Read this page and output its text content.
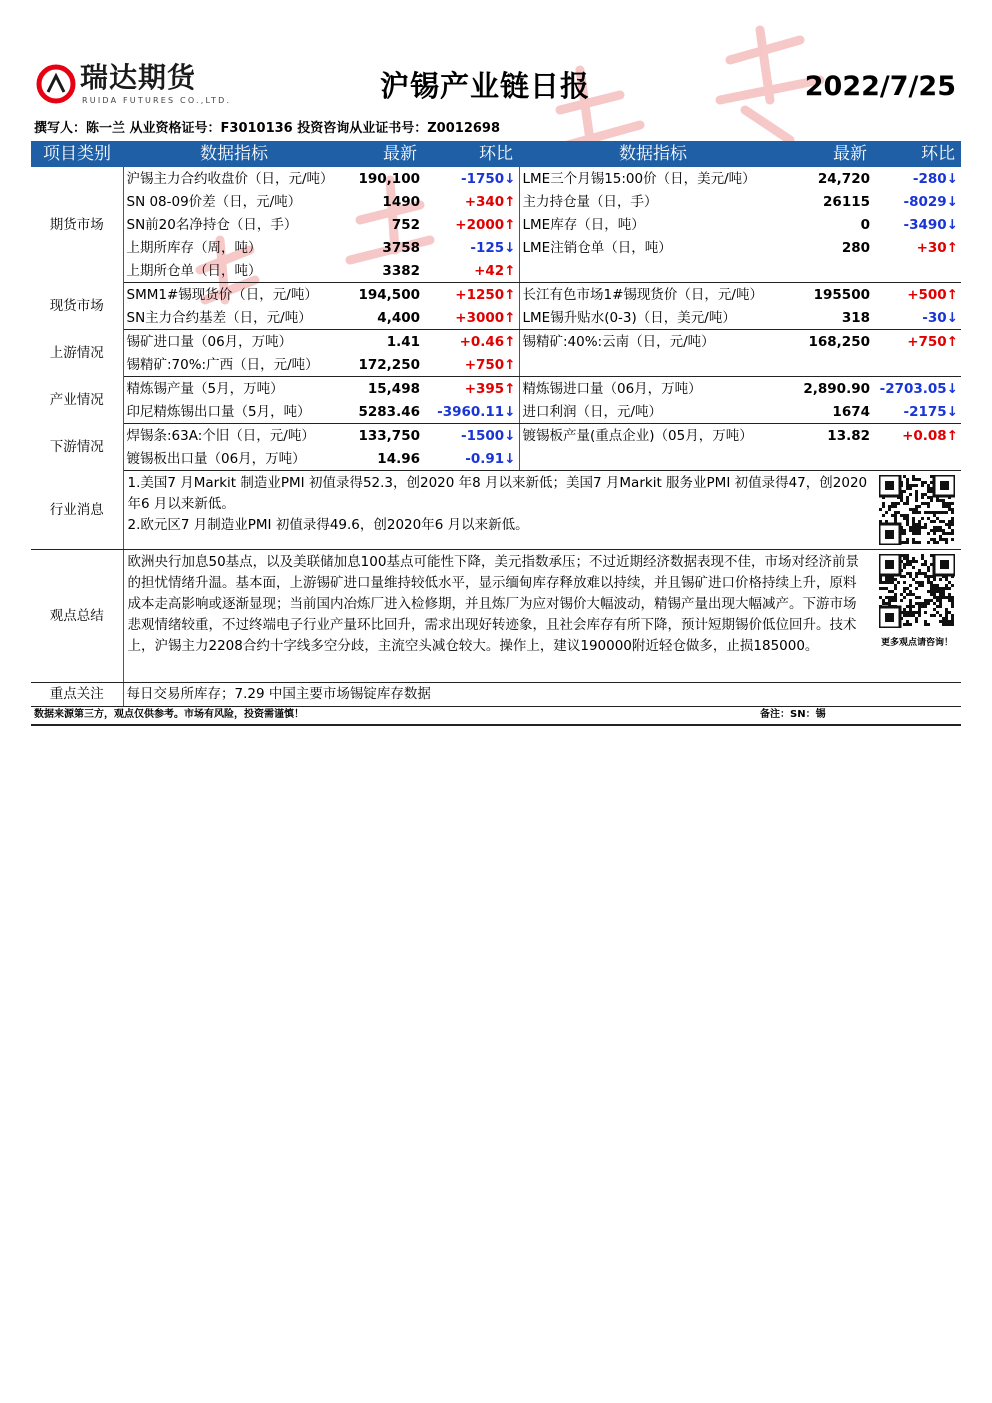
瑞达期货
RUIDA FUTURES CO.,LTD.	沪锡产业链日报	2022/7/25
撰写人：陈一兰 从业资格证号：F3010136 投资咨询从业证书号：Z0012698
项目类别	数据指标	最新	环比	数据指标	最新	环比
期货市场	沪锡主力合约收盘价（日，元/吨）	190,100	-1750↓	LME三个月锡15:00价（日，美元/吨）	24,720	-280↓
	SN 08-09价差（日，元/吨）	1490	+340↑	主力持仓量（日，手）	26115	-8029↓
	SN前20名净持仓（日，手）	752	+2000↑	LME库存（日，吨）	0	-3490↓
	上期所库存（周，吨）	3758	-125↓	LME注销仓单（日，吨）	280	+30↑
	上期所仓单（日，吨）	3382	+42↑			
现货市场	SMM1#锡现货价（日，元/吨）	194,500	+1250↑	长江有色市场1#锡现货价（日，元/吨）	195500	+500↑
	SN主力合约基差（日，元/吨）	4,400	+3000↑	LME锡升贴水(0-3)（日，美元/吨）	318	-30↓
上游情况	锡矿进口量（06月，万吨）	1.41	+0.46↑	锡精矿:40%:云南（日，元/吨）	168,250	+750↑
	锡精矿:70%:广西（日，元/吨）	172,250	+750↑			
产业情况	精炼锡产量（5月，万吨）	15,498	+395↑	精炼锡进口量（06月，万吨）	2,890.90	-2703.05↓
	印尼精炼锡出口量（5月，吨）	5283.46	-3960.11↓	进口利润（日，元/吨）	1674	-2175↓
下游情况	焊锡条:63A:个旧（日，元/吨）	133,750	-1500↓	镀锡板产量(重点企业)（05月，万吨）	13.82	+0.08↑
	镀锡板出口量（06月，万吨）	14.96	-0.91↓			
行业消息	1.美国7 月Markit 制造业PMI 初值录得52.3，创2020 年8 月以来新低；美国7 月Markit 服务业PMI 初值录得47，创2020 年6 月以来新低。
2.欧元区7 月制造业PMI 初值录得49.6，创2020年6 月以来新低。

观点总结	欧洲央行加息50基点，以及美联储加息100基点可能性下降，美元指数承压；不过近期经济数据表现不佳，市场对经济前景的担忧情绪升温。基本面，上游锡矿进口量维持较低水平，显示缅甸库存释放难以持续，并且锡矿进口价格持续上升，原料成本走高影响或逐渐显现；当前国内冶炼厂进入检修期，并且炼厂为应对锡价大幅波动，精锡产量出现大幅减产。下游市场悲观情绪较重，不过终端电子行业产量环比回升，需求出现好转迹象，且社会库存有所下降，预计短期锡价低位回升。技术上，沪锡主力2208合约十字线多空分歧，主流空头减仓较大。操作上，建议190000附近轻仓做多，止损185000。					更多观点请咨询！

重点关注	每日交易所库存；7.29 中国主要市场锡锭库存数据					
数据来源第三方，观点仅供参考。市场有风险，投资需谨慎！	备注：SN：锡
